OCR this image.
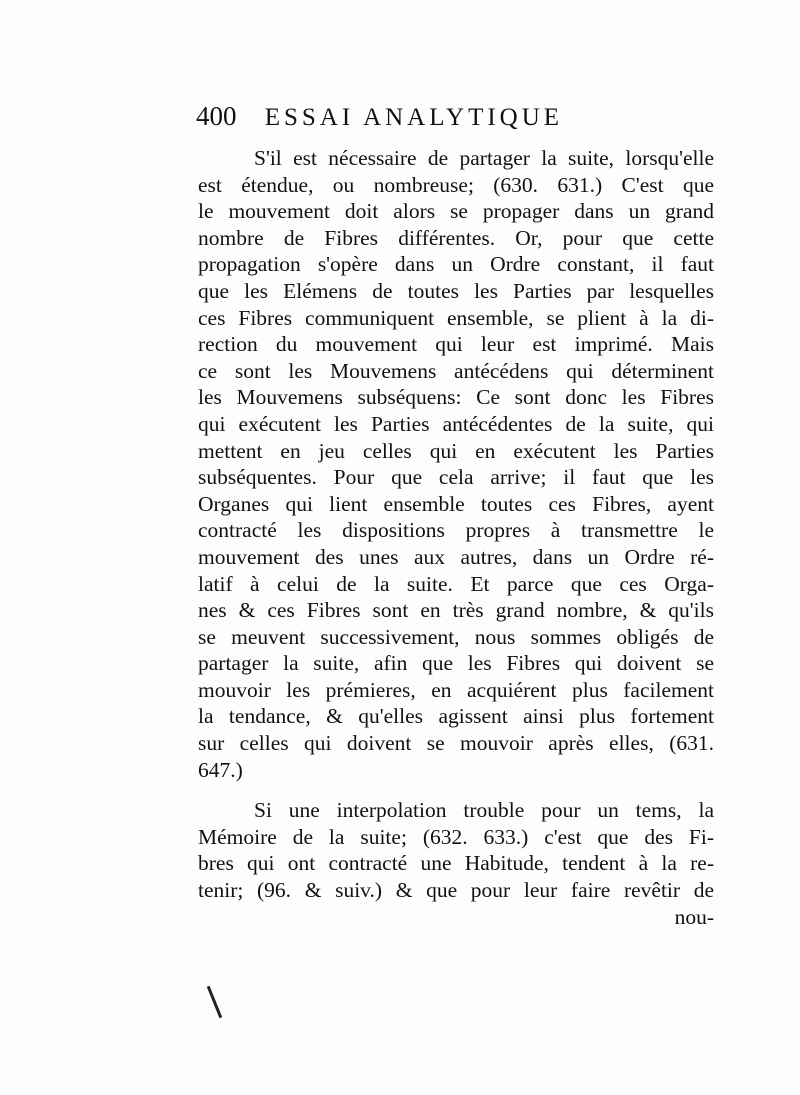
400 ESSAI ANALYTIQUE
S'il est nécessaire de partager la suite, lorsqu'elle
est étendue, ou nombreuse; (630. 631.) C'est que
le mouvement doit alors se propager dans un grand
nombre de Fibres différentes. Or, pour que cette
propagation s'opère dans un Ordre constant, il faut
que les Elémens de toutes les Parties par lesquelles
ces Fibres communiquent ensemble, se plient à la di-
rection du mouvement qui leur est imprimé. Mais
ce sont les Mouvemens antécédens qui déterminent
les Mouvemens subséquens: Ce sont donc les Fibres
qui exécutent les Parties antécédentes de la suite, qui
mettent en jeu celles qui en exécutent les Parties
subséquentes. Pour que cela arrive; il faut que les
Organes qui lient ensemble toutes ces Fibres, ayent
contracté les dispositions propres à transmettre le
mouvement des unes aux autres, dans un Ordre ré-
latif à celui de la suite. Et parce que ces Orga-
nes & ces Fibres sont en très grand nombre, & qu'ils
se meuvent successivement, nous sommes obligés de
partager la suite, afin que les Fibres qui doivent se
mouvoir les prémieres, en acquiérent plus facilement
la tendance, & qu'elles agissent ainsi plus fortement
sur celles qui doivent se mouvoir après elles, (631.
647.)
Si une interpolation trouble pour un tems, la
Mémoire de la suite; (632. 633.) c'est que des Fi-
bres qui ont contracté une Habitude, tendent à la re-
tenir; (96. & suiv.) & que pour leur faire revêtir de
nou-
